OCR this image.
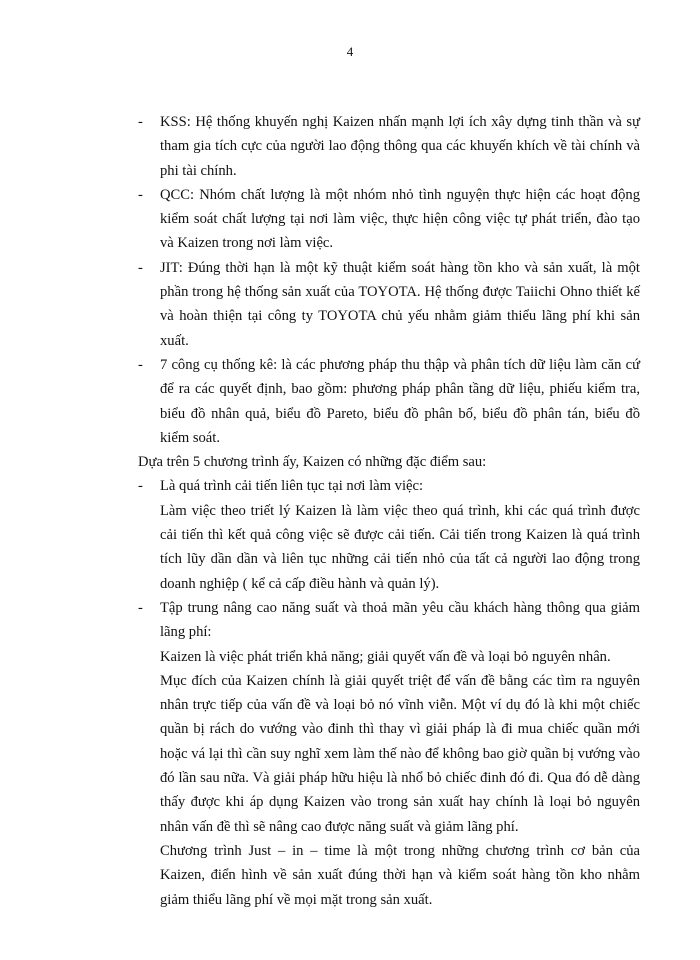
4
- KSS: Hệ thống khuyến nghị Kaizen nhấn mạnh lợi ích xây dựng tinh thần và sự tham gia tích cực của người lao động thông qua các khuyến khích về tài chính và phi tài chính.
- QCC: Nhóm chất lượng là một nhóm nhỏ tình nguyện thực hiện các hoạt động kiểm soát chất lượng tại nơi làm việc, thực hiện công việc tự phát triển, đào tạo và Kaizen trong nơi làm việc.
- JIT: Đúng thời hạn là một kỹ thuật kiểm soát hàng tồn kho và sản xuất, là một phần trong hệ thống sản xuất của TOYOTA. Hệ thống được Taiichi Ohno thiết kế và hoàn thiện tại công ty TOYOTA chủ yếu nhằm giảm thiểu lãng phí khi sản xuất.
- 7 công cụ thống kê: là các phương pháp thu thập và phân tích dữ liệu làm căn cứ để ra các quyết định, bao gồm: phương pháp phân tầng dữ liệu, phiếu kiểm tra, biểu đồ nhân quả, biểu đồ Pareto, biểu đồ phân bố, biểu đồ phân tán, biểu đồ kiểm soát.
Dựa trên 5 chương trình ấy, Kaizen có những đặc điểm sau:
- Là quá trình cải tiến liên tục tại nơi làm việc:
Làm việc theo triết lý Kaizen là làm việc theo quá trình, khi các quá trình được cải tiến thì kết quả công việc sẽ được cải tiến. Cải tiến trong Kaizen là quá trình tích lũy dần dần và liên tục những cải tiến nhỏ của tất cả người lao động trong doanh nghiệp ( kể cả cấp điều hành và quản lý).
- Tập trung nâng cao năng suất và thoả mãn yêu cầu khách hàng thông qua giảm lãng phí:
Kaizen là việc phát triển khả năng; giải quyết vấn đề và loại bỏ nguyên nhân.
Mục đích của Kaizen chính là giải quyết triệt để vấn đề bằng các tìm ra nguyên nhân trực tiếp của vấn đề và loại bỏ nó vĩnh viễn. Một ví dụ đó là khi một chiếc quần bị rách do vướng vào đinh thì thay vì giải pháp là đi mua chiếc quần mới hoặc vá lại thì cần suy nghĩ xem làm thế nào để không bao giờ quần bị vướng vào đó lần sau nữa. Và giải pháp hữu hiệu là nhổ bỏ chiếc đinh đó đi. Qua đó dễ dàng thấy được khi áp dụng Kaizen vào trong sản xuất hay chính là loại bỏ nguyên nhân vấn đề thì sẽ nâng cao được năng suất và giảm lãng phí.
Chương trình Just – in – time là một trong những chương trình cơ bản của Kaizen, điển hình về sản xuất đúng thời hạn và kiểm soát hàng tồn kho nhằm giảm thiểu lãng phí về mọi mặt trong sản xuất.
